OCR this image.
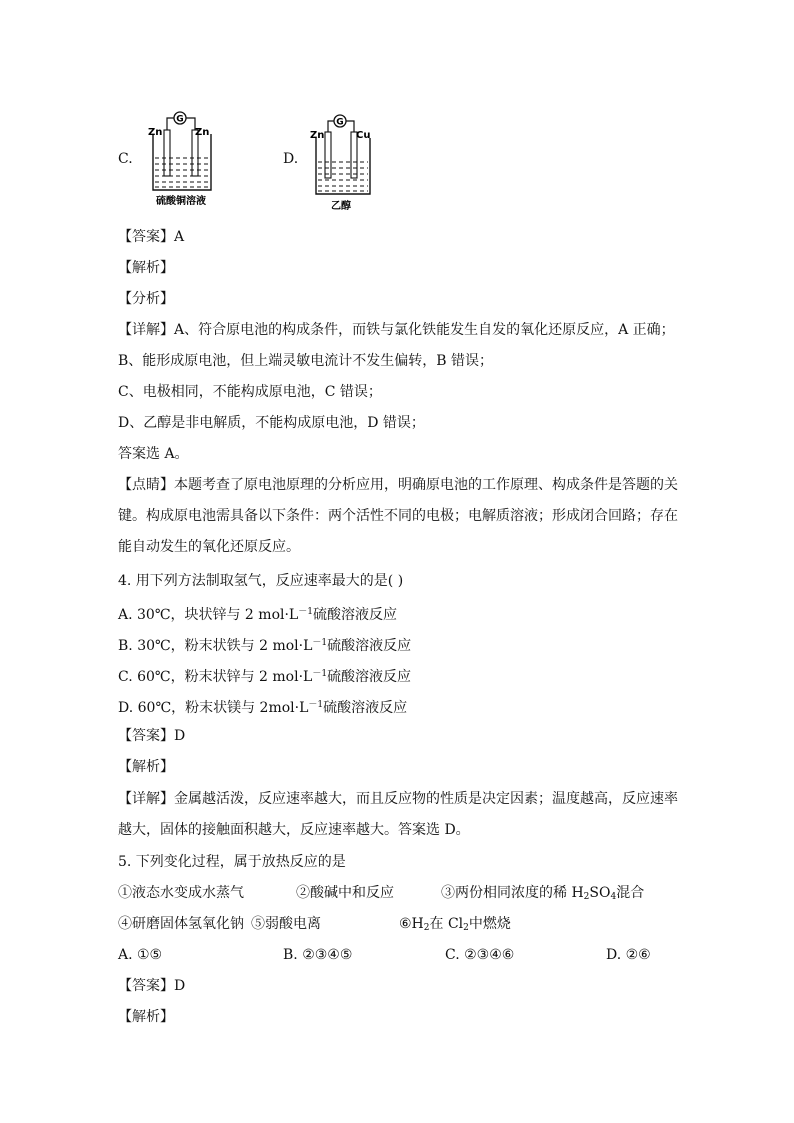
C.
G
Zn	Zn
硫酸铜溶液
D.
G
Zn	Cu
乙醇
【答案】A
【解析】
【分析】
【详解】A、符合原电池的构成条件，而铁与氯化铁能发生自发的氧化还原反应，A 正确；
B、能形成原电池，但上端灵敏电流计不发生偏转，B 错误；
C、电极相同，不能构成原电池，C 错误；
D、乙醇是非电解质，不能构成原电池，D 错误；
答案选 A。
【点睛】本题考查了原电池原理的分析应用，明确原电池的工作原理、构成条件是答题的关
键。构成原电池需具备以下条件：两个活性不同的电极；电解质溶液；形成闭合回路；存在
能自动发生的氧化还原反应。
4. 用下列方法制取氢气，反应速率最大的是( )
A. 30℃，块状锌与 2 $mol\cdot L^{-1}$硫酸溶液反应
B. 30℃，粉末状铁与 2 $mol\cdot L^{-1}$硫酸溶液反应
C. 60℃，粉末状锌与 2 $mol\cdot L^{-1}$硫酸溶液反应
D. 60℃，粉末状镁与 $2mol\cdot L^{-1}$硫酸溶液反应
【答案】D
【解析】
【详解】金属越活泼，反应速率越大，而且反应物的性质是决定因素；温度越高，反应速率
越大，固体的接触面积越大，反应速率越大。答案选 D。
5. 下列变化过程，属于放热反应的是
①液态水变成水蒸气	②酸碱中和反应	③两份相同浓度的稀 $H_2SO_4$混合
④研磨固体氢氧化钠 ⑤弱酸电离	$⑥H_2$在 $Cl_2$中燃烧
A. ①⑤	B. ②③④⑤	C. ②③④⑥	D. ②⑥
【答案】D
【解析】
